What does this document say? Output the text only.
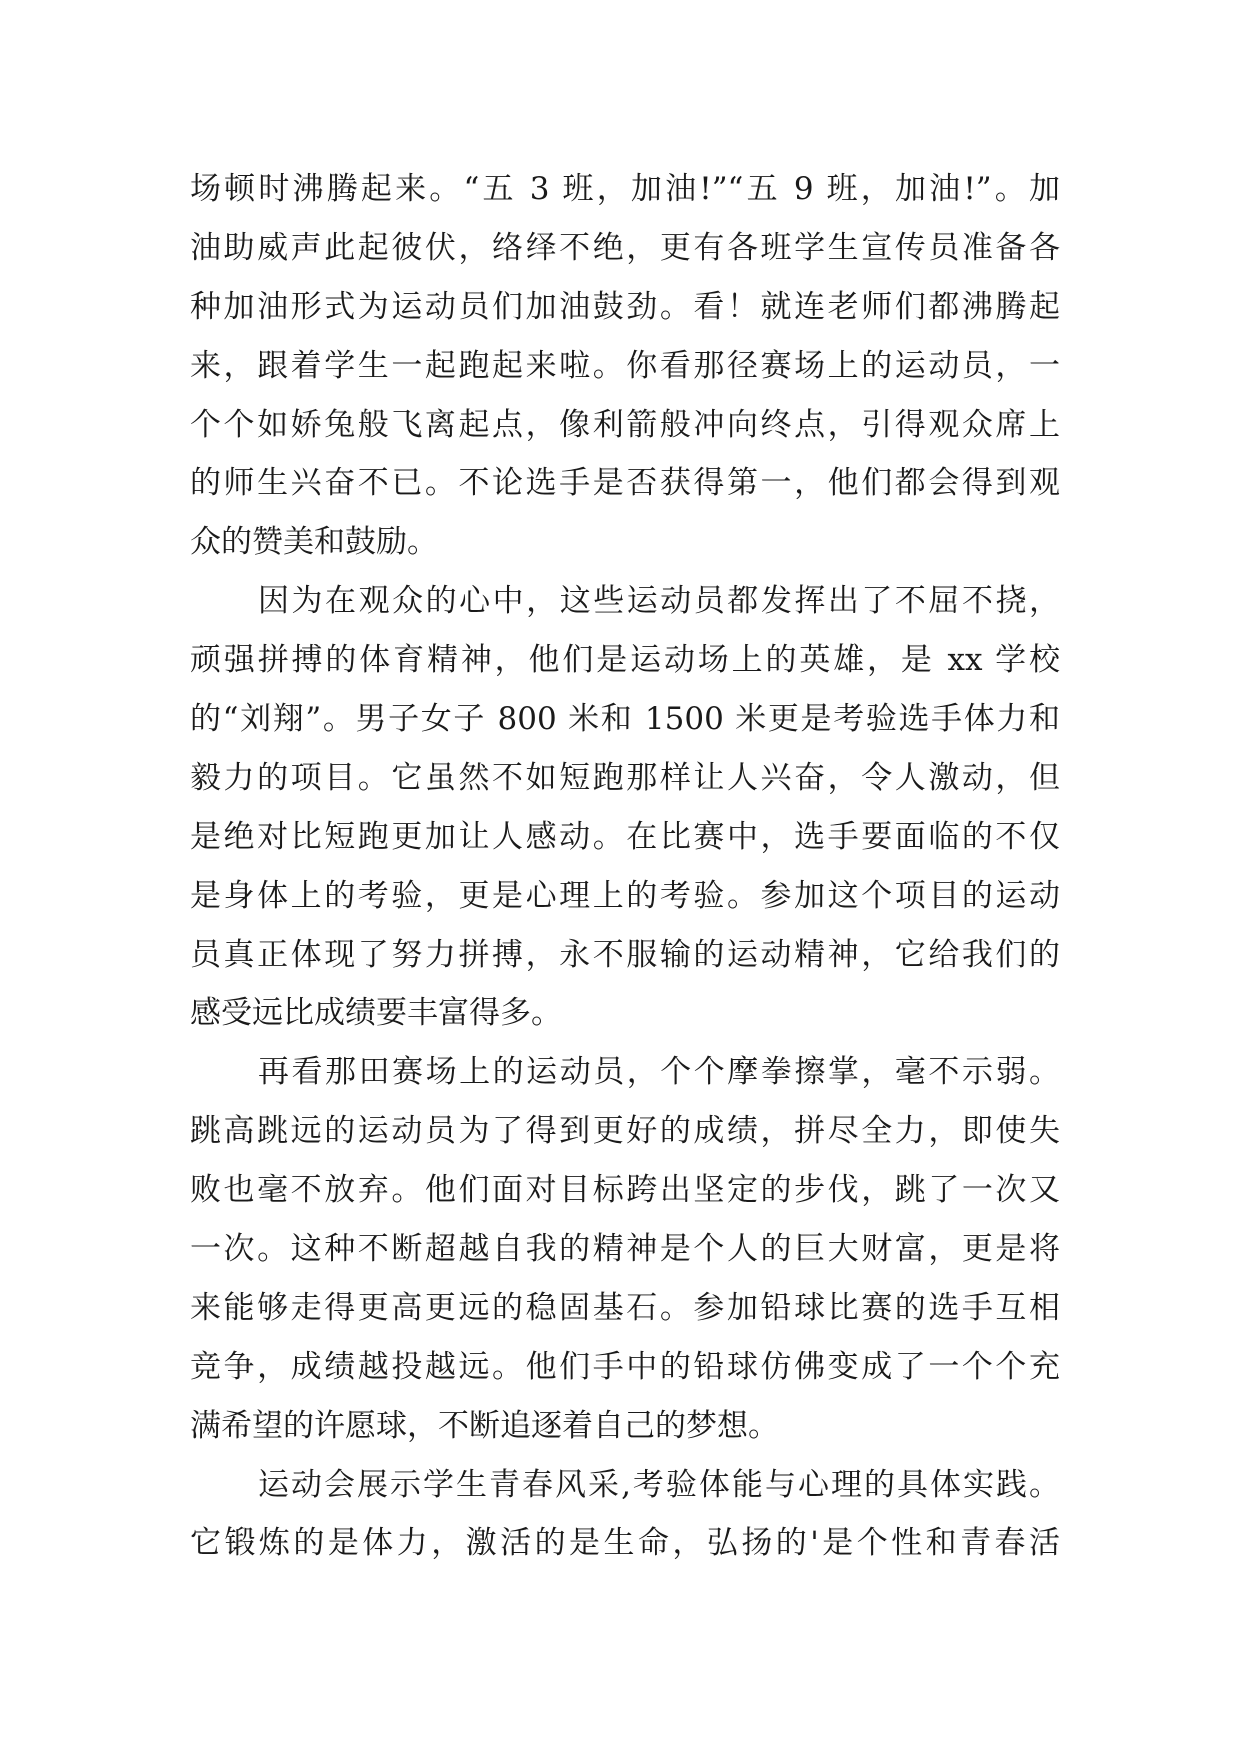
场顿时沸腾起来。“五 3 班，加油!”“五 9 班，加油!”。加
油助威声此起彼伏，络绎不绝，更有各班学生宣传员准备各
种加油形式为运动员们加油鼓劲。看！就连老师们都沸腾起
来，跟着学生一起跑起来啦。你看那径赛场上的运动员，一
个个如娇兔般飞离起点，像利箭般冲向终点，引得观众席上
的师生兴奋不已。不论选手是否获得第一，他们都会得到观
众的赞美和鼓励。
因为在观众的心中，这些运动员都发挥出了不屈不挠，
顽强拼搏的体育精神，他们是运动场上的英雄，是 xx 学校
的“刘翔”。男子女子 800 米和 1500 米更是考验选手体力和
毅力的项目。它虽然不如短跑那样让人兴奋，令人激动，但
是绝对比短跑更加让人感动。在比赛中，选手要面临的不仅
是身体上的考验，更是心理上的考验。参加这个项目的运动
员真正体现了努力拼搏，永不服输的运动精神，它给我们的
感受远比成绩要丰富得多。
再看那田赛场上的运动员，个个摩拳擦掌，毫不示弱。
跳高跳远的运动员为了得到更好的成绩，拼尽全力，即使失
败也毫不放弃。他们面对目标跨出坚定的步伐，跳了一次又
一次。这种不断超越自我的精神是个人的巨大财富，更是将
来能够走得更高更远的稳固基石。参加铅球比赛的选手互相
竞争，成绩越投越远。他们手中的铅球仿佛变成了一个个充
满希望的许愿球，不断追逐着自己的梦想。
运动会展示学生青春风采,考验体能与心理的具体实践。
它锻炼的是体力，激活的是生命，弘扬的'是个性和青春活
